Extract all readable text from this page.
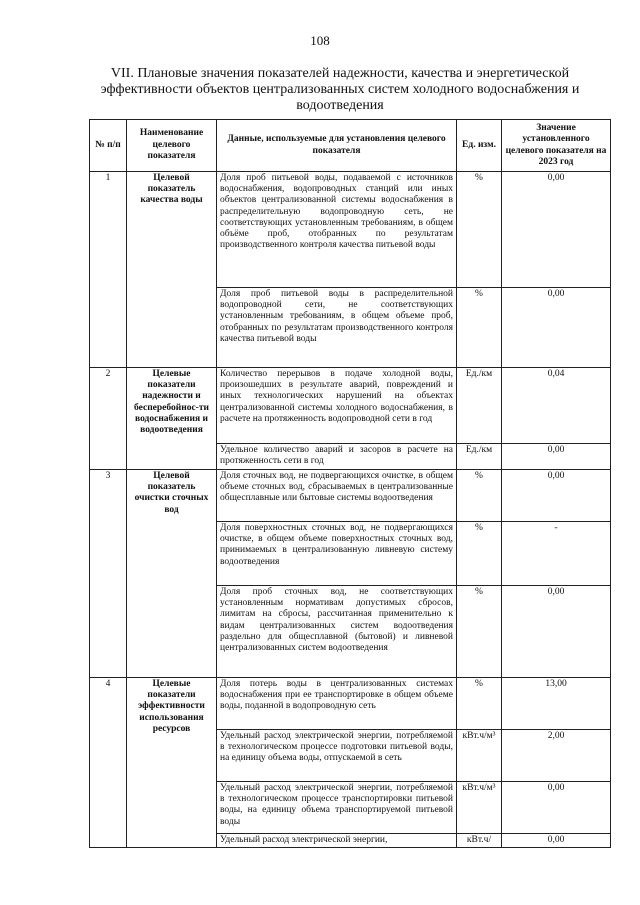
108
VII. Плановые значения показателей надежности, качества и энергетической эффективности объектов централизованных систем холодного водоснабжения и водоотведения
№ п/п	Наименование целевого показателя	Данные, используемые для установления целевого показателя	Ед. изм.	Значение установленного целевого показателя на 2023 год
1	Целевой показатель качества воды	Доля проб питьевой воды, подаваемой с источников водоснабжения, водопроводных станций или иных объектов централизованной системы водоснабжения в распределительную водопроводную сеть, не соответствующих установленным требованиям, в общем объёме проб, отобранных по результатам производственного контроля качества питьевой воды	%	0,00
		Доля проб питьевой воды в распределительной водопроводной сети, не соответствующих установленным требованиям, в общем объеме проб, отобранных по результатам производственного контроля качества питьевой воды	%	0,00
2	Целевые показатели надежности и бесперебойнос-ти водоснабжения и водоотведения	Количество перерывов в подаче холодной воды, произошедших в результате аварий, повреждений и иных технологических нарушений на объектах централизованной системы холодного водоснабжения, в расчете на протяженность водопроводной сети в год	Ед./км	0,04
		Удельное количество аварий и засоров в расчете на протяженность сети в год	Ед./км	0,00
3	Целевой показатель очистки сточных вод	Доля сточных вод, не подвергающихся очистке, в общем объеме сточных вод, сбрасываемых в централизованные общесплавные или бытовые системы водоотведения	%	0,00
		Доля поверхностных сточных вод, не подвергающихся очистке, в общем объеме поверхностных сточных вод, принимаемых в централизованную ливневую систему водоотведения	%	-
		Доля проб сточных вод, не соответствующих установленным нормативам допустимых сбросов, лимитам на сбросы, рассчитанная применительно к видам централизованных систем водоотведения раздельно для общесплавной (бытовой) и ливневой централизованных систем водоотведения	%	0,00
4	Целевые показатели эффективности использования ресурсов	Доля потерь воды в централизованных системах водоснабжения при ее транспортировке в общем объеме воды, поданной в водопроводную сеть	%	13,00
		Удельный расход электрической энергии, потребляемой в технологическом процессе подготовки питьевой воды, на единицу объема воды, отпускаемой в сеть	кВт.ч/м³	2,00
		Удельный расход электрической энергии, потребляемой в технологическом процессе транспортировки питьевой воды, на единицу объема транспортируемой питьевой воды	кВт.ч/м³	0,00
		Удельный расход электрической энергии,	кВт.ч/	0,00
